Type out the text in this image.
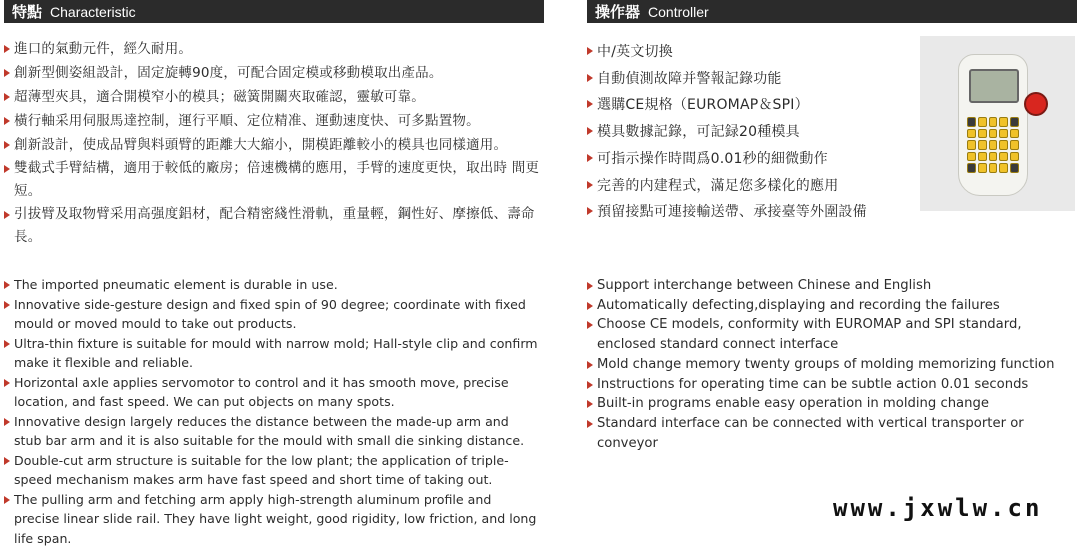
特點 Characteristic
進口的氣動元件，經久耐用。
創新型側姿組設計，固定旋轉90度，可配合固定模或移動模取出產品。
超薄型夾具，適合開模窄小的模具；磁簧開關夾取確認，靈敏可靠。
橫行軸采用伺服馬達控制，運行平順、定位精准、運動速度快、可多點置物。
創新設計，使成品臂與料頭臂的距離大大縮小，開模距離較小的模具也同樣適用。
雙截式手臂結構，適用于較低的廠房；倍速機構的應用，手臂的速度更快，取出時 間更短。
引拔臂及取物臂采用高强度鋁材，配合精密綫性滑軌，重量輕，鋼性好、摩擦低、壽命長。
The imported pneumatic element is durable in use.
Innovative side-gesture design and fixed spin of 90 degree; coordinate with fixed mould or moved mould to take out products.
Ultra-thin fixture is suitable for mould with narrow mold; Hall-style clip and confirm make it flexible and reliable.
Horizontal axle applies servomotor to control and it has smooth move, precise location, and fast speed. We can put objects on many spots.
Innovative design largely reduces the distance between the made-up arm and stub bar arm and it is also suitable for the mould with small die sinking distance.
Double-cut arm structure is suitable for the low plant; the application of triple-speed mechanism makes arm have fast speed and short time of taking out.
The pulling arm and fetching arm apply high-strength aluminum profile and precise linear slide rail. They have light weight, good rigidity, low friction, and long life span.
操作器 Controller
中/英文切換
自動偵測故障并警報記錄功能
選購CE規格（EUROMAP＆SPI）
模具數據記錄，可記録20種模具
可指示操作時間爲0.01秒的細微動作
完善的内建程式，滿足您多樣化的應用
預留接點可連接輸送帶、承接臺等外圍設備
Support interchange between Chinese and English
Automatically defecting,displaying and recording the failures
Choose CE models, conformity with EUROMAP and SPI standard, enclosed standard connect interface
Mold change memory twenty groups of molding memorizing function
Instructions for operating time can be subtle action 0.01 seconds
Built-in programs enable easy operation in molding change
Standard interface can be connected with vertical transporter or conveyor
www.jxwlw.cn
